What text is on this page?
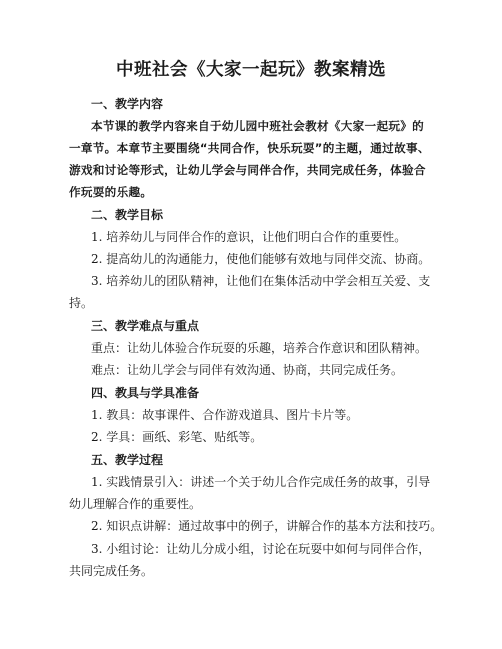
中班社会《大家一起玩》教案精选
一、教学内容
本节课的教学内容来自于幼儿园中班社会教材《大家一起玩》的
一章节。本章节主要围绕“共同合作，快乐玩耍”的主题，通过故事、
游戏和讨论等形式，让幼儿学会与同伴合作，共同完成任务，体验合
作玩耍的乐趣。
二、教学目标
1. 培养幼儿与同伴合作的意识，让他们明白合作的重要性。
2. 提高幼儿的沟通能力，使他们能够有效地与同伴交流、协商。
3. 培养幼儿的团队精神，让他们在集体活动中学会相互关爱、支
持。
三、教学难点与重点
重点：让幼儿体验合作玩耍的乐趣，培养合作意识和团队精神。
难点：让幼儿学会与同伴有效沟通、协商，共同完成任务。
四、教具与学具准备
1. 教具：故事课件、合作游戏道具、图片卡片等。
2. 学具：画纸、彩笔、贴纸等。
五、教学过程
1. 实践情景引入：讲述一个关于幼儿合作完成任务的故事，引导
幼儿理解合作的重要性。
2. 知识点讲解：通过故事中的例子，讲解合作的基本方法和技巧。
3. 小组讨论：让幼儿分成小组，讨论在玩耍中如何与同伴合作，
共同完成任务。
